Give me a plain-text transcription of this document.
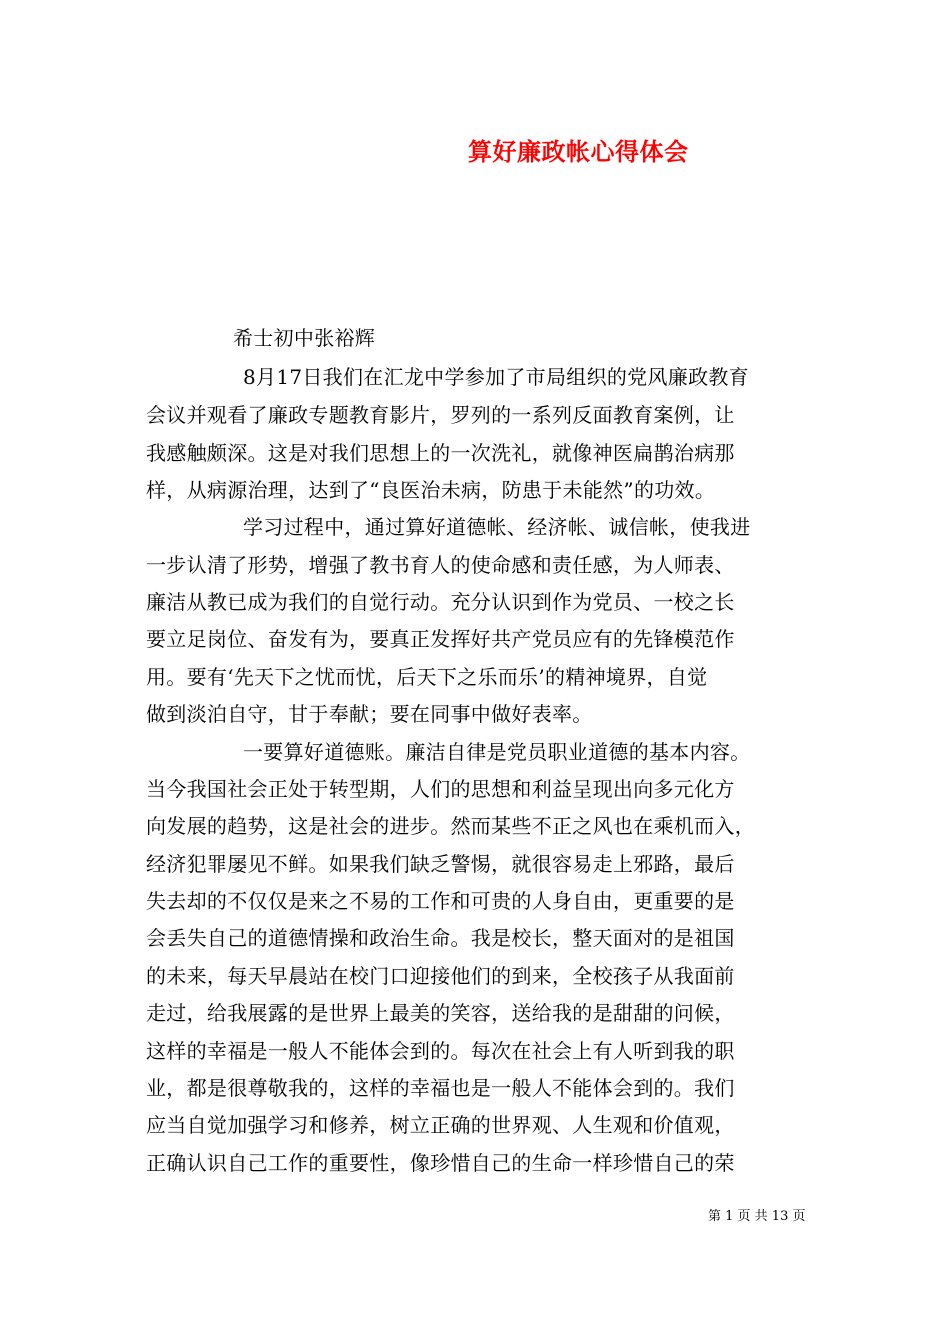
算好廉政帐心得体会
希士初中张裕辉
8月17日我们在汇龙中学参加了市局组织的党风廉政教育
会议并观看了廉政专题教育影片，罗列的一系列反面教育案例，让
我感触颇深。这是对我们思想上的一次洗礼，就像神医扁鹊治病那
样，从病源治理，达到了“良医治未病，防患于未能然”的功效。
学习过程中，通过算好道德帐、经济帐、诚信帐，使我进
一步认清了形势，增强了教书育人的使命感和责任感，为人师表、
廉洁从教已成为我们的自觉行动。充分认识到作为党员、一校之长
要立足岗位、奋发有为，要真正发挥好共产党员应有的先锋模范作
用。要有‘先天下之忧而忧，后天下之乐而乐’的精神境界，自觉
做到淡泊自守，甘于奉献；要在同事中做好表率。
一要算好道德账。廉洁自律是党员职业道德的基本内容。
当今我国社会正处于转型期，人们的思想和利益呈现出向多元化方
向发展的趋势，这是社会的进步。然而某些不正之风也在乘机而入，
经济犯罪屡见不鲜。如果我们缺乏警惕，就很容易走上邪路，最后
失去却的不仅仅是来之不易的工作和可贵的人身自由，更重要的是
会丢失自己的道德情操和政治生命。我是校长，整天面对的是祖国
的未来，每天早晨站在校门口迎接他们的到来，全校孩子从我面前
走过，给我展露的是世界上最美的笑容，送给我的是甜甜的问候，
这样的幸福是一般人不能体会到的。每次在社会上有人听到我的职
业，都是很尊敬我的，这样的幸福也是一般人不能体会到的。我们
应当自觉加强学习和修养，树立正确的世界观、人生观和价值观，
正确认识自己工作的重要性，像珍惜自己的生命一样珍惜自己的荣
第 1 页 共 13 页
